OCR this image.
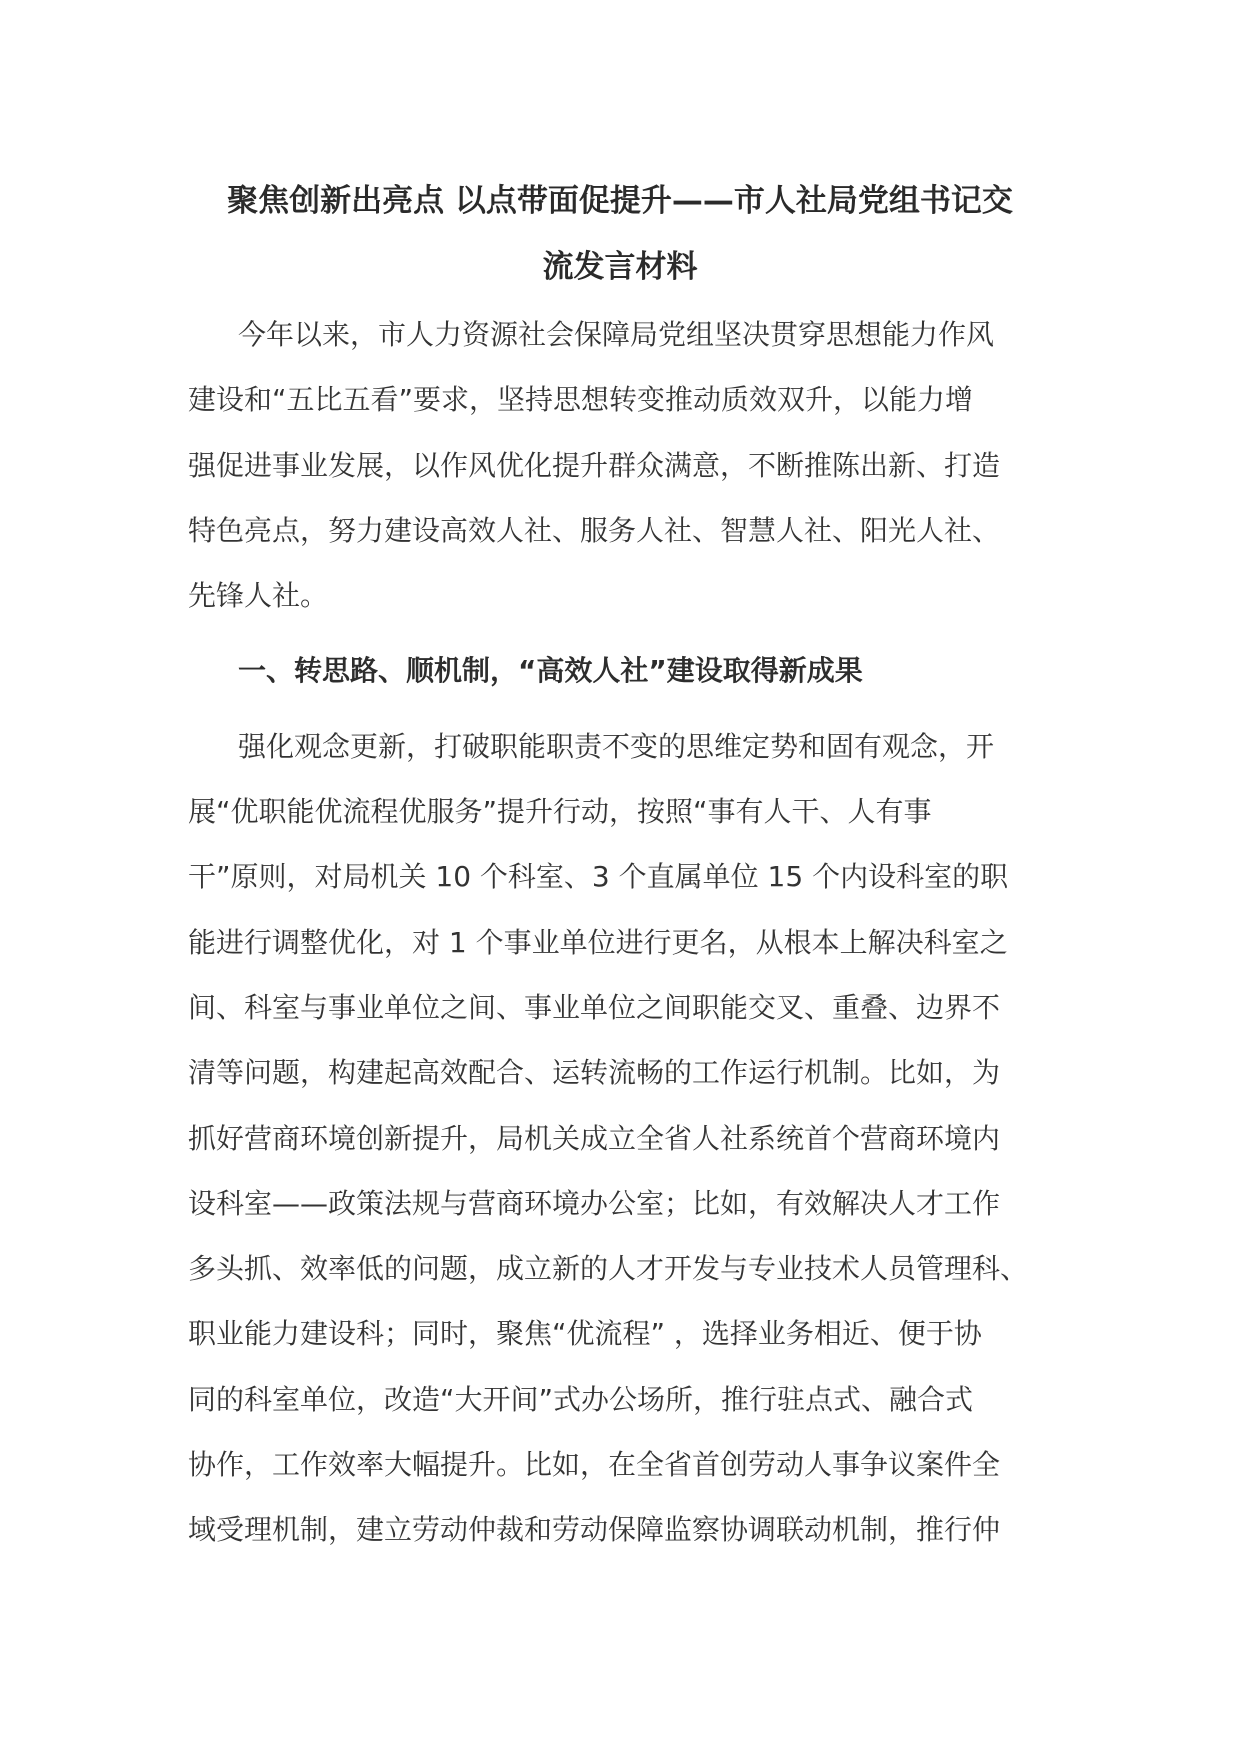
聚焦创新出亮点 以点带面促提升——市人社局党组书记交
流发言材料
今年以来，市人力资源社会保障局党组坚决贯穿思想能力作风
建设和“五比五看”要求，坚持思想转变推动质效双升，以能力增
强促进事业发展，以作风优化提升群众满意，不断推陈出新、打造
特色亮点，努力建设高效人社、服务人社、智慧人社、阳光人社、
先锋人社。
一、转思路、顺机制，“高效人社”建设取得新成果
强化观念更新，打破职能职责不变的思维定势和固有观念，开
展“优职能优流程优服务”提升行动，按照“事有人干、人有事
干”原则，对局机关 10 个科室、3 个直属单位 15 个内设科室的职
能进行调整优化，对 1 个事业单位进行更名，从根本上解决科室之
间、科室与事业单位之间、事业单位之间职能交叉、重叠、边界不
清等问题，构建起高效配合、运转流畅的工作运行机制。比如，为
抓好营商环境创新提升，局机关成立全省人社系统首个营商环境内
设科室——政策法规与营商环境办公室；比如，有效解决人才工作
多头抓、效率低的问题，成立新的人才开发与专业技术人员管理科、
职业能力建设科；同时，聚焦“优流程” ，选择业务相近、便于协
同的科室单位，改造“大开间”式办公场所，推行驻点式、融合式
协作，工作效率大幅提升。比如，在全省首创劳动人事争议案件全
域受理机制，建立劳动仲裁和劳动保障监察协调联动机制，推行仲
